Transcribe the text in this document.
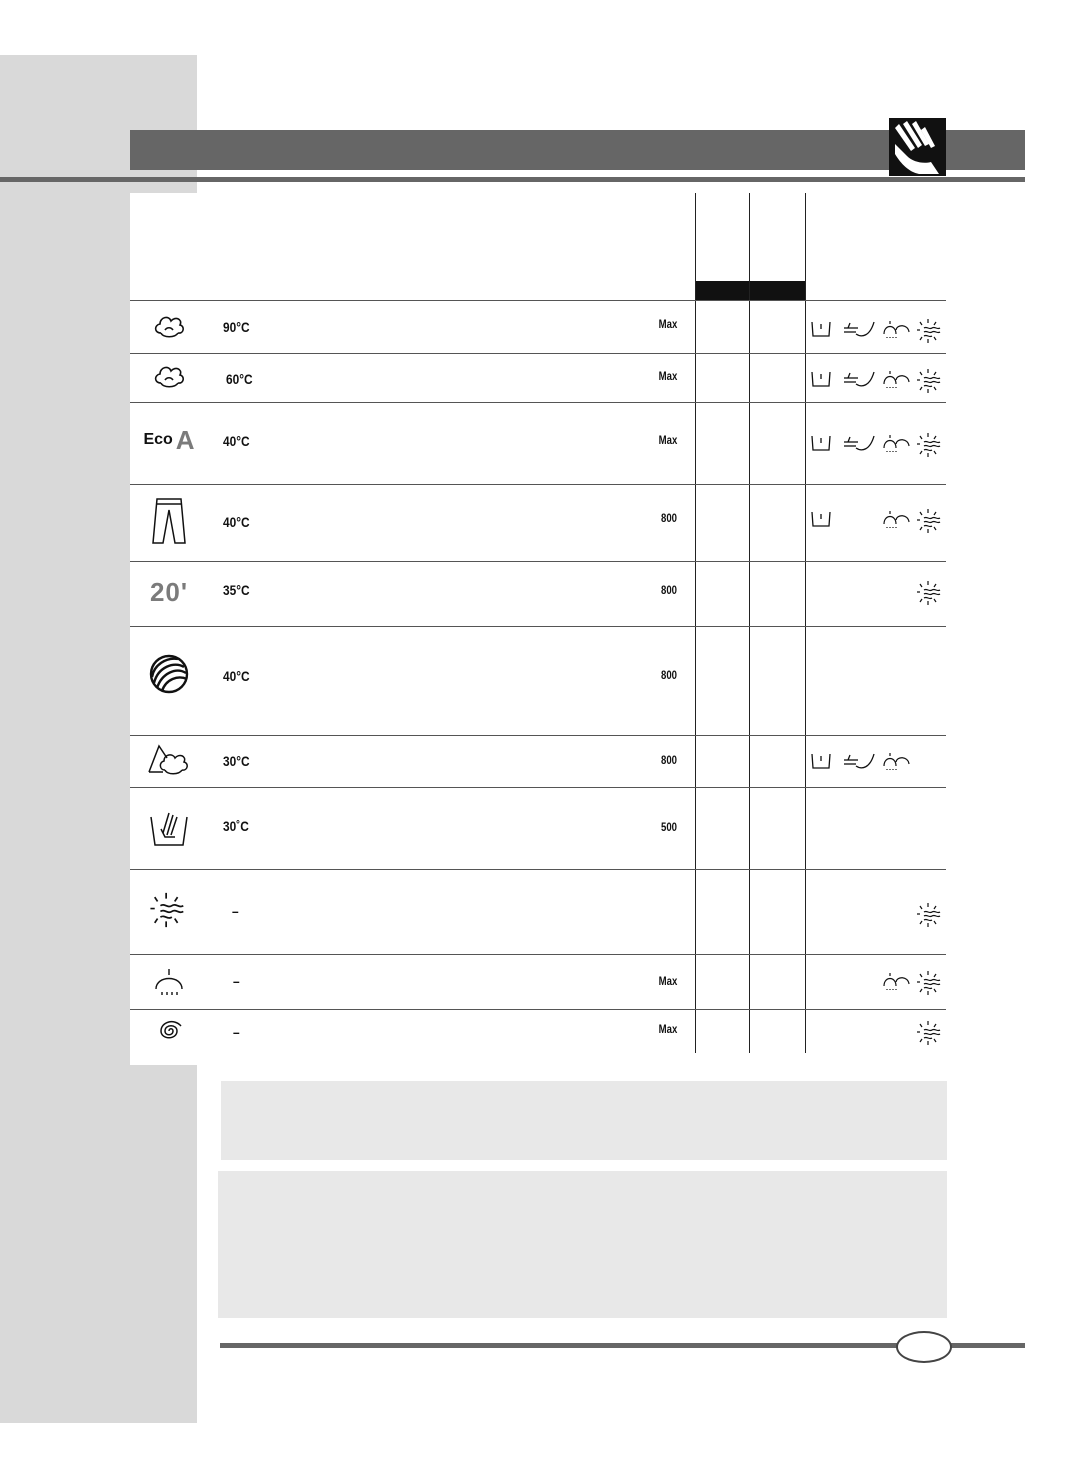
90°C	Max
60°C	Max
Eco A 40°C	Max
40°C	800
20' 35°C	800
40°C	800
30°C	800
30˚C	500
–
–	Max
–	Max
